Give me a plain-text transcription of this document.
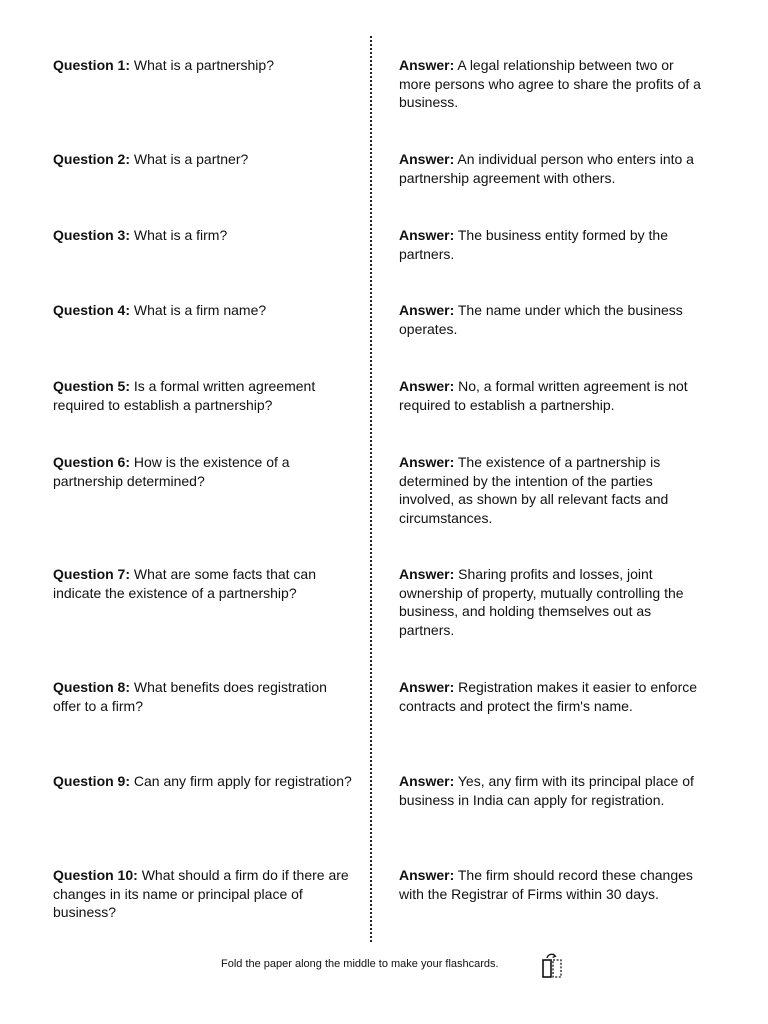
Question 1: What is a partnership?	Answer: A legal relationship between two or more persons who agree to share the profits of a business.
Question 2: What is a partner?	Answer: An individual person who enters into a partnership agreement with others.
Question 3: What is a firm?	Answer: The business entity formed by the partners.
Question 4: What is a firm name?	Answer: The name under which the business operates.
Question 5: Is a formal written agreement required to establish a partnership?
Answer: No, a formal written agreement is not required to establish a partnership.
Question 6: How is the existence of a partnership determined?
Answer: The existence of a partnership is determined by the intention of the parties involved, as shown by all relevant facts and circumstances.
Question 7: What are some facts that can indicate the existence of a partnership?
Answer: Sharing profits and losses, joint ownership of property, mutually controlling the business, and holding themselves out as partners.
Question 8: What benefits does registration offer to a firm?
Answer: Registration makes it easier to enforce contracts and protect the firm's name.
Question 9: Can any firm apply for registration?	Answer: Yes, any firm with its principal place of business in India can apply for registration.
Question 10: What should a firm do if there are changes in its name or principal place of business?
Answer: The firm should record these changes with the Registrar of Firms within 30 days.
Fold the paper along the middle to make your flashcards.
